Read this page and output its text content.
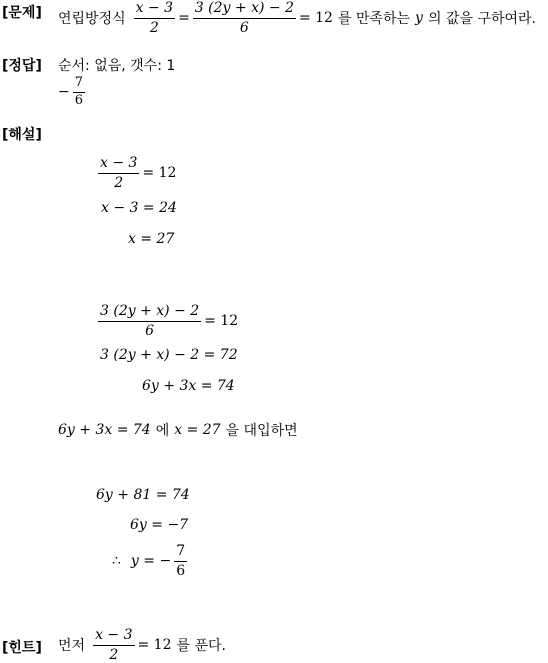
[문제] 연립방정식 $\frac{x - 3}{2} = \frac{3 (2y + x) - 2}{6} = 12$ 를 만족하는 y 의 값을 구하여라.
[정답] 순서: 없음, 갯수: 1
− $\frac{7}{6}$
[해설]
$\frac{x - 3}{2} = 12$
x − 3 = 24
x = 27
$\frac{3 (2y + x) - 2}{6} = 12$
3 (2y + x) − 2 = 72
6y + 3x = 74
6y + 3x = 74 에 x = 27 을 대입하면
6y + 81 = 74
6y = −7
∴ y = − $\frac{7}{6}$
[힌트] 먼저 $\frac{x - 3}{2} = 12$ 를 푼다.
